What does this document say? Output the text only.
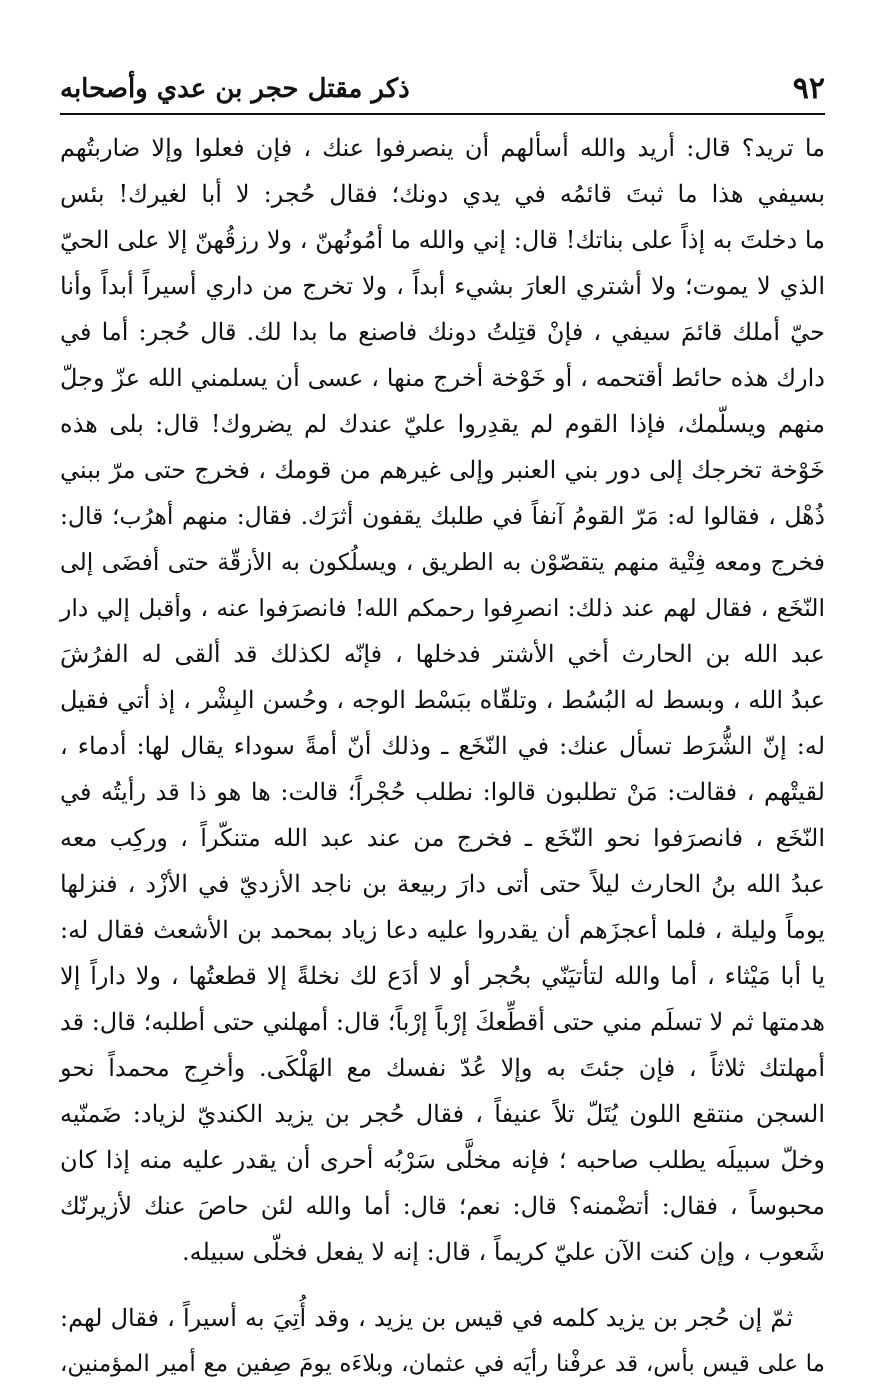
٩٢
ذكر مقتل حجر بن عدي وأصحابه
ما تريد؟ قال: أريد والله أسألهم أن ينصرفوا عنك ، فإن فعلوا وإلا ضاربتُهم
بسيفي هذا ما ثبتَ قائمُه في يدي دونك؛ فقال حُجر: لا أبا لغيرك! بئس
ما دخلتَ به إذاً على بناتك! قال: إني والله ما أمُونُهنّ ، ولا رزقُهنّ إلا على الحيّ
الذي لا يموت؛ ولا أشتري العارَ بشيء أبداً ، ولا تخرج من داري أسيراً أبداً وأنا
حيّ أملك قائمَ سيفي ، فإنْ قتِلتُ دونك فاصنع ما بدا لك. قال حُجر: أما في
دارك هذه حائط أقتحمه ، أو خَوْخة أخرج منها ، عسى أن يسلمني الله عزّ وجلّ
منهم ويسلّمك، فإذا القوم لم يقدِروا عليّ عندك لم يضروك! قال: بلى هذه
خَوْخة تخرجك إلى دور بني العنبر وإلى غيرهم من قومك ، فخرج حتى مرّ ببني
ذُهْل ، فقالوا له: مَرّ القومُ آنفاً في طلبك يقفون أثرَك. فقال: منهم أهرُب؛ قال:
فخرج ومعه فِتْية منهم يتقصّوْن به الطريق ، ويسلُكون به الأزقّة حتى أفضَى إلى
النّخَع ، فقال لهم عند ذلك: انصرِفوا رحمكم الله! فانصرَفوا عنه ، وأقبل إلي دار
عبد الله بن الحارث أخي الأشتر فدخلها ، فإنّه لكذلك قد ألقى له الفرُشَ
عبدُ الله ، وبسط له البُسُط ، وتلقّاه ببَسْط الوجه ، وحُسن البِشْر ، إذ أتي فقيل
له: إنّ الشُّرَط تسأل عنك: في النّخَع ـ وذلك أنّ أمةً سوداء يقال لها: أدماء ،
لقيتْهم ، فقالت: مَنْ تطلبون قالوا: نطلب حُجْراً؛ قالت: ها هو ذا قد رأيتُه في
النّخَع ، فانصرَفوا نحو النّخَع ـ فخرج من عند عبد الله متنكّراً ، وركِب معه
عبدُ الله بنُ الحارث ليلاً حتى أتى دارَ ربيعة بن ناجد الأزديّ في الأزْد ، فنزلها
يوماً وليلة ، فلما أعجزَهم أن يقدروا عليه دعا زياد بمحمد بن الأشعث فقال له:
يا أبا مَيْثاء ، أما والله لتأتيَنّي بحُجر أو لا أدَع لك نخلةً إلا قطعتُها ، ولا داراً إلا
هدمتها ثم لا تسلَم مني حتى أقطِّعكَ إرْباً إرْباً؛ قال: أمهلني حتى أطلبه؛ قال: قد
أمهلتك ثلاثاً ، فإن جئتَ به وإلا عُدّ نفسك مع الهَلْكَى. وأخرِج محمداً نحو
السجن منتقع اللون يُتَلّ تلاً عنيفاً ، فقال حُجر بن يزيد الكنديّ لزياد: ضَمنّيه
وخلّ سبيلَه يطلب صاحبه ؛ فإنه مخلَّى سَرْبُه أحرى أن يقدر عليه منه إذا كان
محبوساً ، فقال: أتضْمنه؟ قال: نعم؛ قال: أما والله لئن حاصَ عنك لأزيرنّك
شَعوب ، وإن كنت الآن عليّ كريماً ، قال: إنه لا يفعل فخلّى سبيله.
ثمّ إن حُجر بن يزيد كلمه في قيس بن يزيد ، وقد أُتِيَ به أسيراً ، فقال لهم:
ما على قيس بأس، قد عرفْنا رأيَه في عثمان، وبلاءَه يومَ صِفين مع أمير المؤمنين،
